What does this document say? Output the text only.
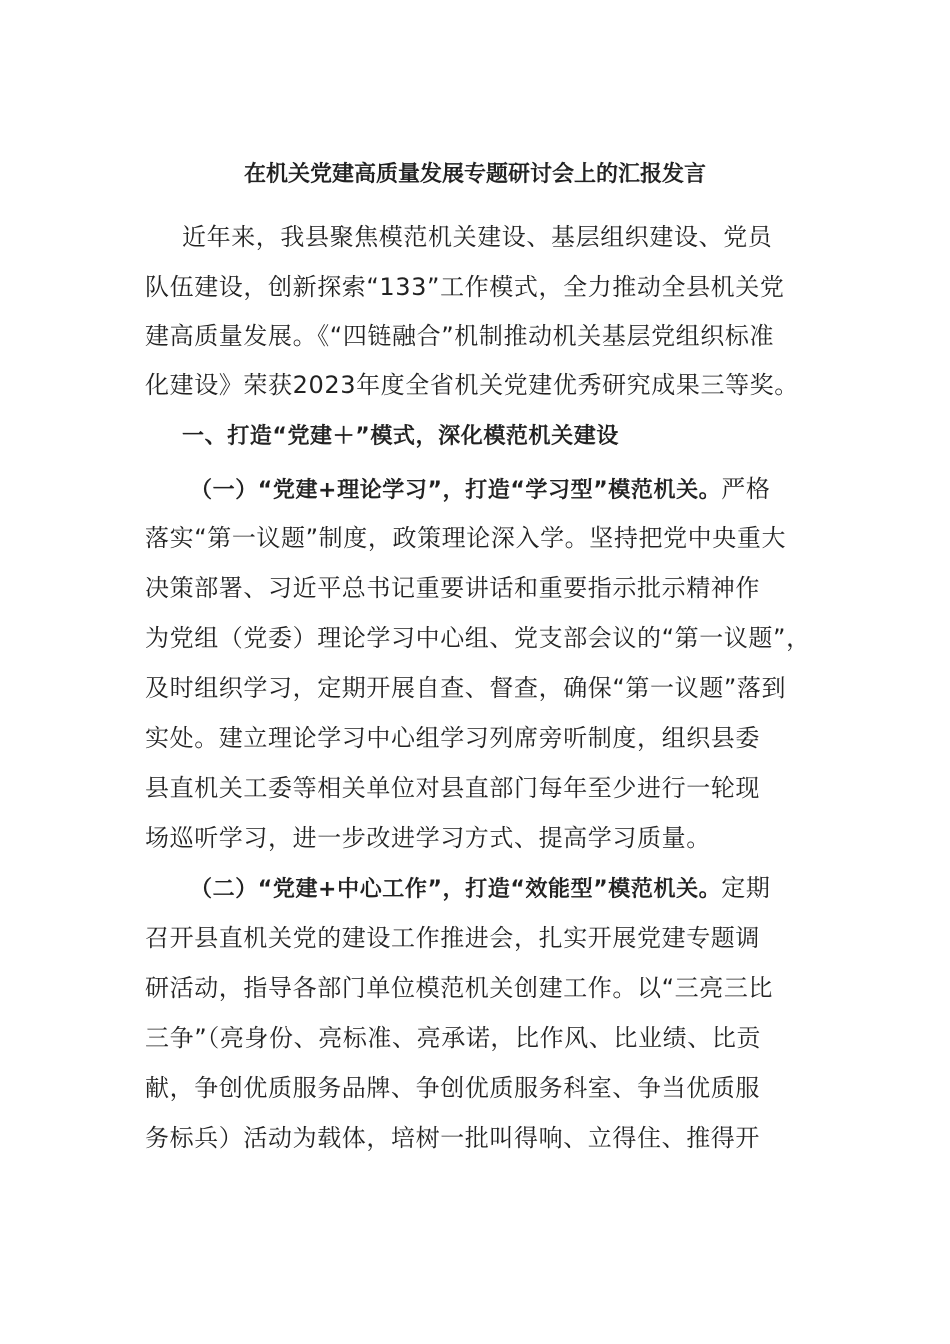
在机关党建高质量发展专题研讨会上的汇报发言

近年来，我县聚焦模范机关建设、基层组织建设、党员

队伍建设，创新探索“133”工作模式，全力推动全县机关党

建高质量发展。《“四链融合”机制推动机关基层党组织标准

化建设》荣获2023年度全省机关党建优秀研究成果三等奖。

一、打造“党建＋”模式，深化模范机关建设

（一）“党建+理论学习”，打造“学习型”模范机关。严格

落实“第一议题”制度，政策理论深入学。坚持把党中央重大

决策部署、习近平总书记重要讲话和重要指示批示精神作

为党组（党委）理论学习中心组、党支部会议的“第一议题”，

及时组织学习，定期开展自查、督查，确保“第一议题”落到

实处。建立理论学习中心组学习列席旁听制度，组织县委

县直机关工委等相关单位对县直部门每年至少进行一轮现

场巡听学习，进一步改进学习方式、提高学习质量。

（二）“党建+中心工作”，打造“效能型”模范机关。定期

召开县直机关党的建设工作推进会，扎实开展党建专题调

研活动，指导各部门单位模范机关创建工作。以“三亮三比

三争”（亮身份、亮标准、亮承诺，比作风、比业绩、比贡

献，争创优质服务品牌、争创优质服务科室、争当优质服

务标兵）活动为载体，培树一批叫得响、立得住、推得开
